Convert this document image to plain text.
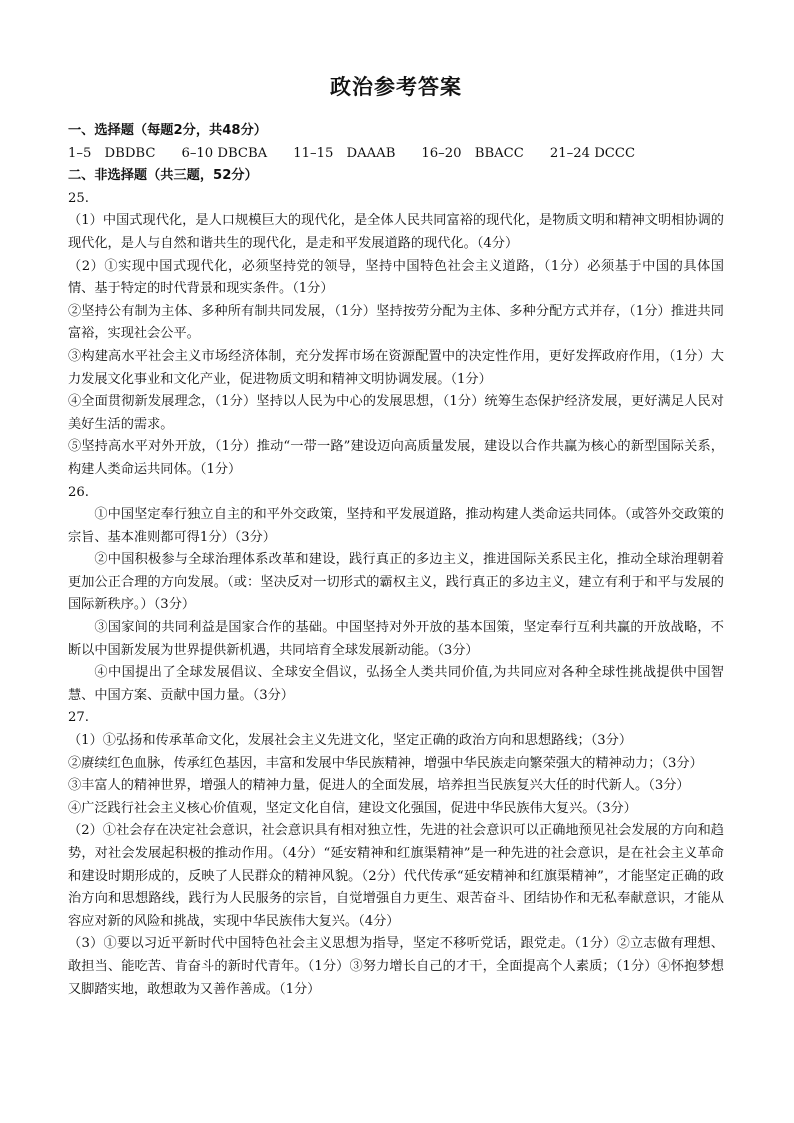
政治参考答案
一、选择题（每题2分，共48分）
1–5　DBDBC 6–10 DBCBA 11–15　DAAAB 16–20　BBACC 21–24 DCCC
二、非选择题（共三题，52分）
25.
（1）中国式现代化，是人口规模巨大的现代化，是全体人民共同富裕的现代化，是物质文明和精神文明相协调的现代化，是人与自然和谐共生的现代化，是走和平发展道路的现代化。（4分）
（2）①实现中国式现代化，必须坚持党的领导，坚持中国特色社会主义道路，（1分）必须基于中国的具体国情、基于特定的时代背景和现实条件。（1分）
②坚持公有制为主体、多种所有制共同发展，（1分）坚持按劳分配为主体、多种分配方式并存，（1分）推进共同富裕，实现社会公平。
③构建高水平社会主义市场经济体制，充分发挥市场在资源配置中的决定性作用，更好发挥政府作用，（1分）大力发展文化事业和文化产业，促进物质文明和精神文明协调发展。（1分）
④全面贯彻新发展理念，（1分）坚持以人民为中心的发展思想，（1分）统筹生态保护经济发展，更好满足人民对美好生活的需求。
⑤坚持高水平对外开放，（1分）推动“一带一路”建设迈向高质量发展，建设以合作共赢为核心的新型国际关系，构建人类命运共同体。（1分）
26.
①中国坚定奉行独立自主的和平外交政策，坚持和平发展道路，推动构建人类命运共同体。（或答外交政策的宗旨、基本准则都可得1分）（3分）
②中国积极参与全球治理体系改革和建设，践行真正的多边主义，推进国际关系民主化，推动全球治理朝着更加公正合理的方向发展。（或：坚决反对一切形式的霸权主义，践行真正的多边主义，建立有利于和平与发展的国际新秩序。）（3分）
③国家间的共同利益是国家合作的基础。中国坚持对外开放的基本国策，坚定奉行互利共赢的开放战略，不断以中国新发展为世界提供新机遇，共同培育全球发展新动能。（3分）
④中国提出了全球发展倡议、全球安全倡议，弘扬全人类共同价值,为共同应对各种全球性挑战提供中国智慧、中国方案、贡献中国力量。（3分）
27.
（1）①弘扬和传承革命文化，发展社会主义先进文化，坚定正确的政治方向和思想路线；（3分）
②赓续红色血脉，传承红色基因，丰富和发展中华民族精神，增强中华民族走向繁荣强大的精神动力；（3分）
③丰富人的精神世界，增强人的精神力量，促进人的全面发展，培养担当民族复兴大任的时代新人。（3分）
④广泛践行社会主义核心价值观，坚定文化自信，建设文化强国，促进中华民族伟大复兴。（3分）
（2）①社会存在决定社会意识，社会意识具有相对独立性，先进的社会意识可以正确地预见社会发展的方向和趋势，对社会发展起积极的推动作用。（4分）“延安精神和红旗渠精神”是一种先进的社会意识，是在社会主义革命和建设时期形成的，反映了人民群众的精神风貌。（2分）代代传承“延安精神和红旗渠精神”，才能坚定正确的政治方向和思想路线，践行为人民服务的宗旨，自觉增强自力更生、艰苦奋斗、团结协作和无私奉献意识，才能从容应对新的风险和挑战，实现中华民族伟大复兴。（4分）
（3）①要以习近平新时代中国特色社会主义思想为指导，坚定不移听党话，跟党走。（1分）②立志做有理想、敢担当、能吃苦、肯奋斗的新时代青年。（1分）③努力增长自己的才干，全面提高个人素质；（1分）④怀抱梦想又脚踏实地，敢想敢为又善作善成。（1分）
